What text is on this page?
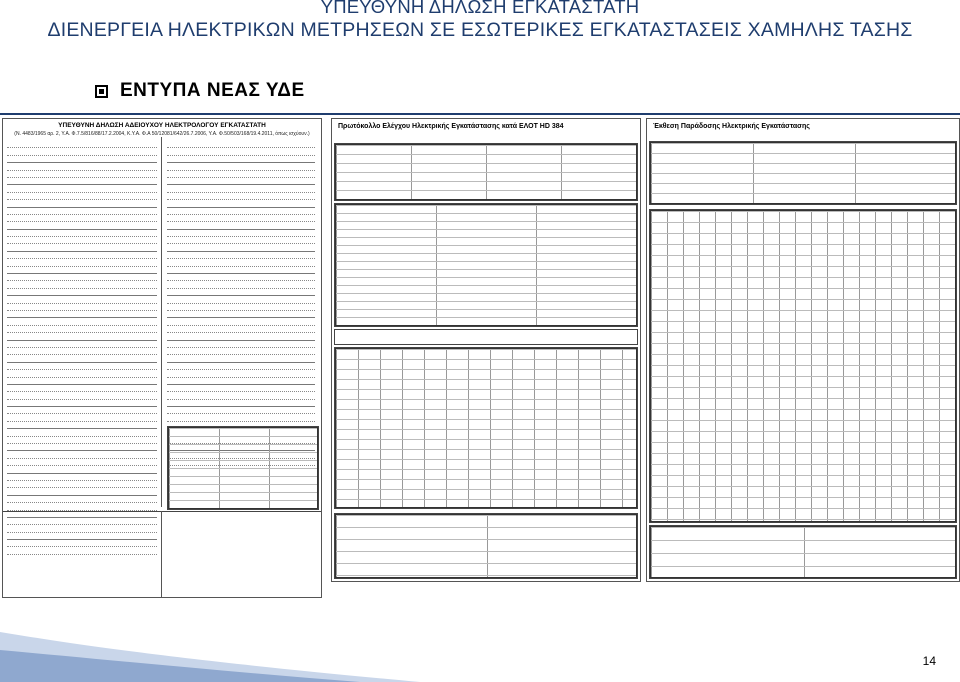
ΥΠΕΥΘΥΝΗ ΔΗΛΩΣΗ ΕΓΚΑΤΑΣΤΑΤΗ
ΔΙΕΝΕΡΓΕΙΑ ΗΛΕΚΤΡΙΚΩΝ ΜΕΤΡΗΣΕΩΝ ΣΕ ΕΣΩΤΕΡΙΚΕΣ ΕΓΚΑΤΑΣΤΑΣΕΙΣ ΧΑΜΗΛΗΣ ΤΑΣΗΣ
ΕΝΤΥΠΑ ΝΕΑΣ ΥΔΕ
ΥΠΕΥΘΥΝΗ ΔΗΛΩΣΗ ΑΔΕΙΟΥΧΟΥ ΗΛΕΚΤΡΟΛΟΓΟΥ ΕΓΚΑΤΑΣΤΑΤΗ
(Ν. 4483/1965 αρ. 2, Υ.Α. Φ.7.5/816/88/17.2.2004, Κ.Υ.Α. Φ.Α 50/12081/642/26.7.2006, Υ.Α. Φ.50/503/168/19.4.2011, όπως ισχύουν.)
Πρωτόκολλο Ελέγχου Ηλεκτρικής Εγκατάστασης κατά ΕΛΟΤ HD 384	Έκθεση Παράδοσης Ηλεκτρικής Εγκατάστασης
14
